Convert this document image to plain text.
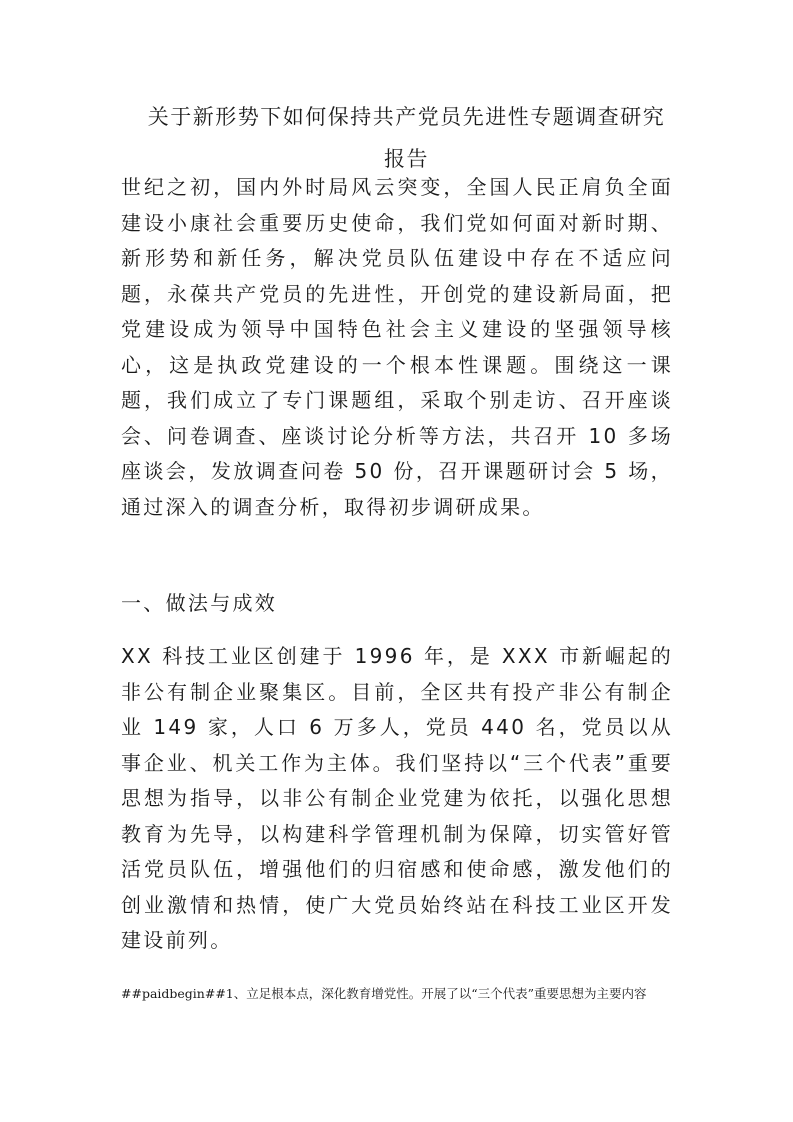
关于新形势下如何保持共产党员先进性专题调查研究
报告

世纪之初，国内外时局风云突变，全国人民正肩负全面建设小康社会重要历史使命，我们党如何面对新时期、新形势和新任务，解决党员队伍建设中存在不适应问题，永葆共产党员的先进性，开创党的建设新局面，把党建设成为领导中国特色社会主义建设的坚强领导核心，这是执政党建设的一个根本性课题。围绕这一课题，我们成立了专门课题组，采取个别走访、召开座谈会、问卷调查、座谈讨论分析等方法，共召开 10 多场座谈会，发放调查问卷 50 份，召开课题研讨会 5 场，通过深入的调查分析，取得初步调研成果。

一、做法与成效

XX 科技工业区创建于 1996 年，是 XXX 市新崛起的非公有制企业聚集区。目前，全区共有投产非公有制企业 149 家，人口 6 万多人，党员 440 名，党员以从事企业、机关工作为主体。我们坚持以“三个代表”重要思想为指导，以非公有制企业党建为依托，以强化思想教育为先导，以构建科学管理机制为保障，切实管好管活党员队伍，增强他们的归宿感和使命感，激发他们的创业激情和热情，使广大党员始终站在科技工业区开发建设前列。

##paidbegin##1、立足根本点，深化教育增党性。开展了以“三个代表”重要思想为主要内容
